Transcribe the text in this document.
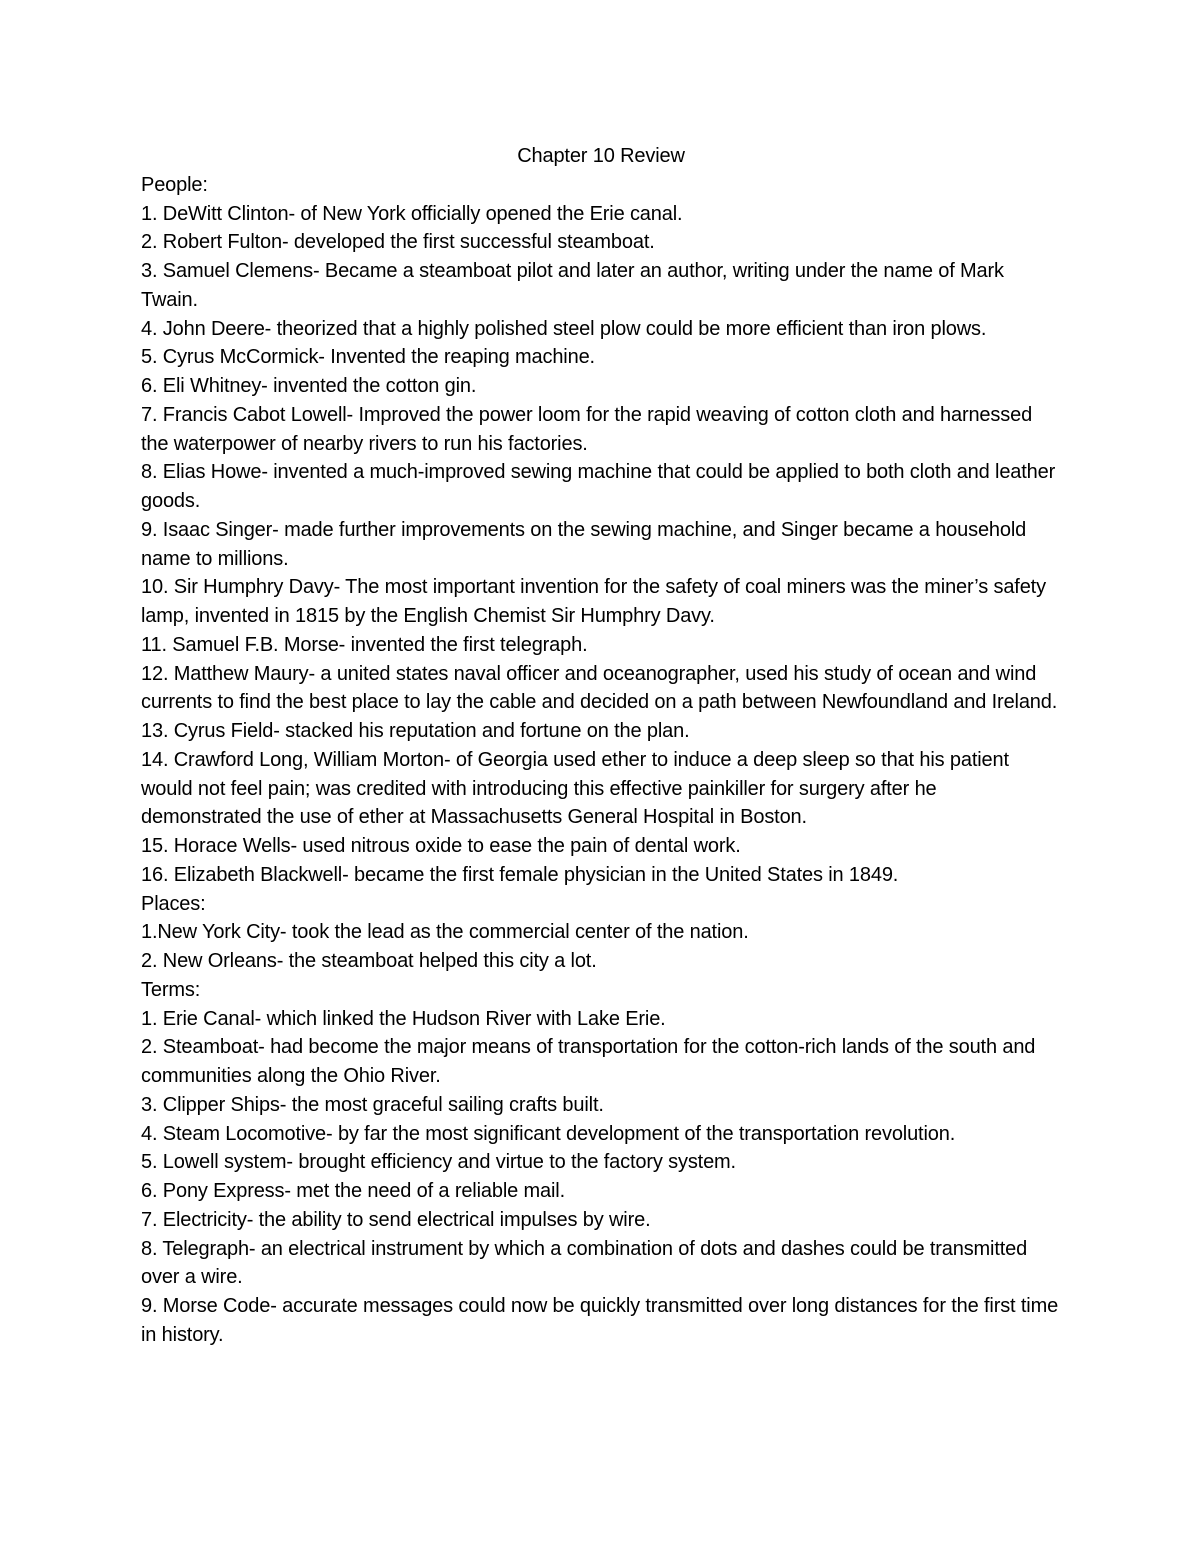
Chapter 10 Review

People:

1. DeWitt Clinton- of New York officially opened the Erie canal.

2. Robert Fulton- developed the first successful steamboat.

3. Samuel Clemens- Became a steamboat pilot and later an author, writing under the name of Mark Twain.

4. John Deere- theorized that a highly polished steel plow could be more efficient than iron plows.

5. Cyrus McCormick- Invented the reaping machine.

6. Eli Whitney- invented the cotton gin.

7. Francis Cabot Lowell- Improved the power loom for the rapid weaving of cotton cloth and harnessed the waterpower of nearby rivers to run his factories.

8. Elias Howe- invented a much-improved sewing machine that could be applied to both cloth and leather goods.

9. Isaac Singer- made further improvements on the sewing machine, and Singer became a household name to millions.

10. Sir Humphry Davy- The most important invention for the safety of coal miners was the miner’s safety lamp, invented in 1815 by the English Chemist Sir Humphry Davy.

11. Samuel F.B. Morse- invented the first telegraph.

12. Matthew Maury- a united states naval officer and oceanographer, used his study of ocean and wind currents to find the best place to lay the cable and decided on a path between Newfoundland and Ireland.

13. Cyrus Field- stacked his reputation and fortune on the plan.

14. Crawford Long, William Morton- of Georgia used ether to induce a deep sleep so that his patient would not feel pain; was credited with introducing this effective painkiller for surgery after he demonstrated the use of ether at Massachusetts General Hospital in Boston.

15. Horace Wells- used nitrous oxide to ease the pain of dental work.

16. Elizabeth Blackwell- became the first female physician in the United States in 1849.

Places:

1.New York City- took the lead as the commercial center of the nation.

2. New Orleans- the steamboat helped this city a lot.

Terms:

1. Erie Canal- which linked the Hudson River with Lake Erie.

2. Steamboat- had become the major means of transportation for the cotton-rich lands of the south and communities along the Ohio River.

3. Clipper Ships- the most graceful sailing crafts built.

4. Steam Locomotive- by far the most significant development of the transportation revolution.

5. Lowell system- brought efficiency and virtue to the factory system.

6. Pony Express- met the need of a reliable mail.

7. Electricity- the ability to send electrical impulses by wire.

8. Telegraph- an electrical instrument by which a combination of dots and dashes could be transmitted over a wire.

9. Morse Code- accurate messages could now be quickly transmitted over long distances for the first time in history.
